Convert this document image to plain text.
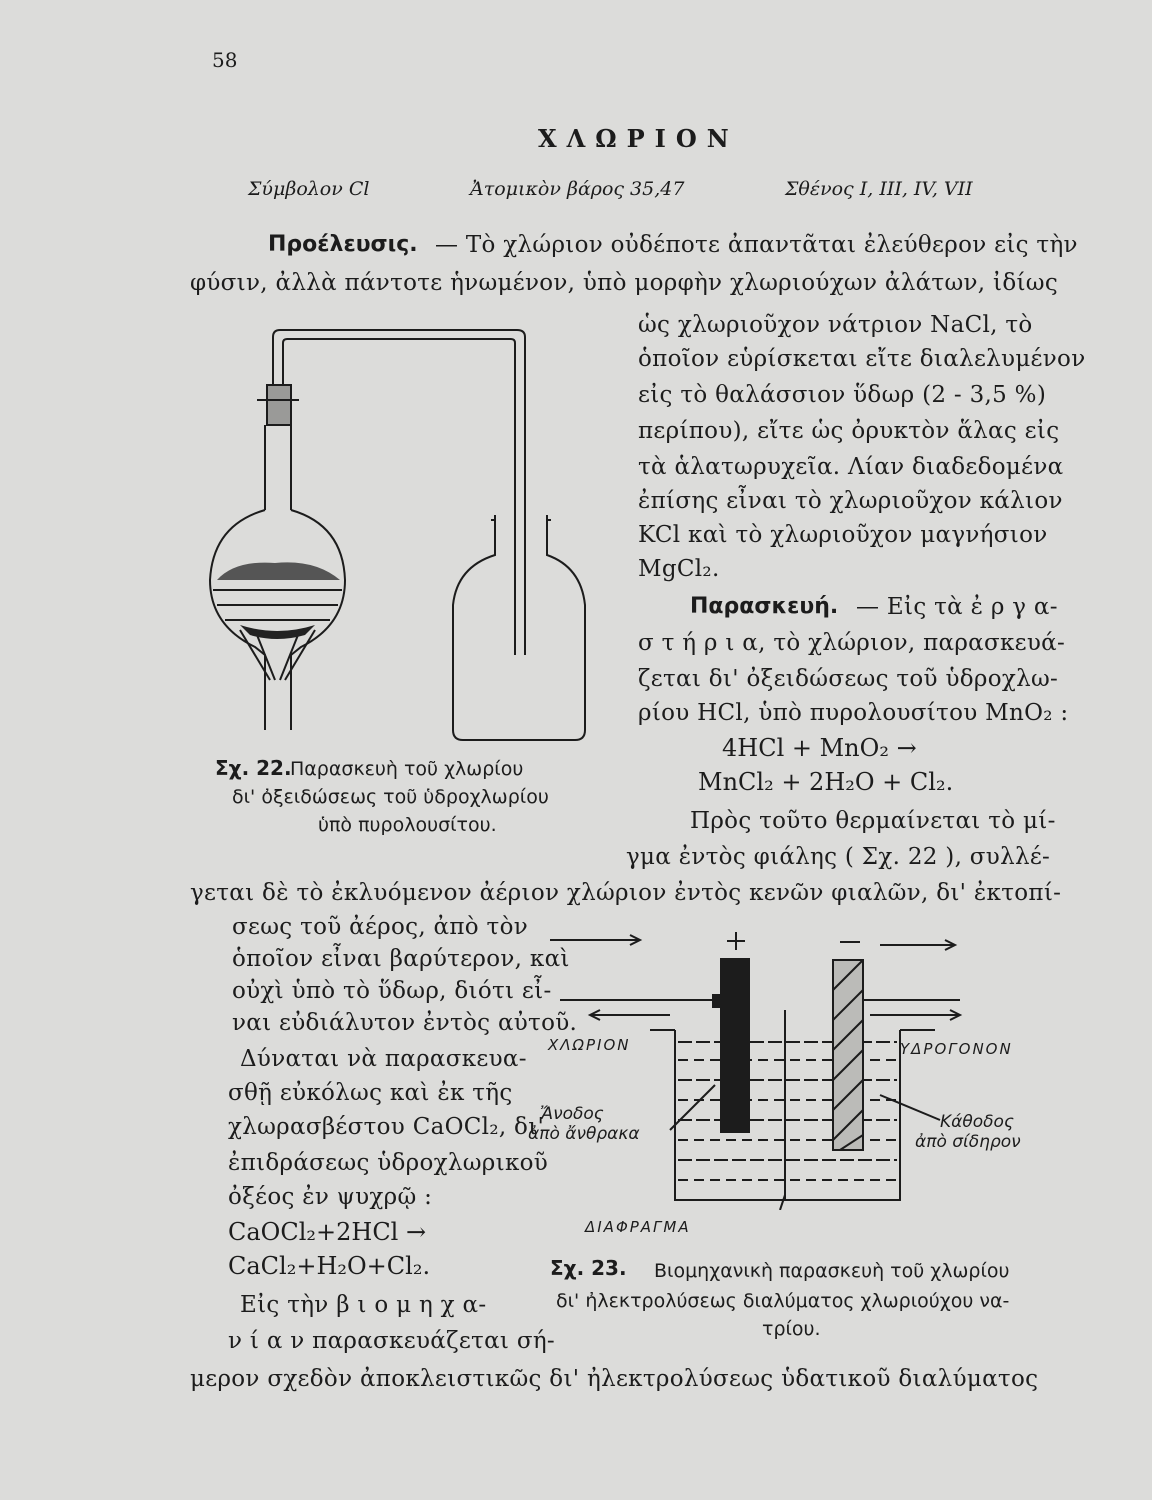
58
ΧΛΩΡΙΟΝ
Σύμβολον Cl	Ἀτομικὸν βάρος 35,47	Σθένος I, III, IV, VII
Προέλευσις. — Τὸ χλώριον οὐδέποτε ἀπαντᾶται ἐλεύθερον εἰς τὴν
φύσιν, ἀλλὰ πάντοτε ἡνωμένον, ὑπὸ μορφὴν χλωριούχων ἀλάτων, ἰδίως
ὡς χλωριοῦχον νάτριον NaCl, τὸ
ὁποῖον εὑρίσκεται εἴτε διαλελυμένον
εἰς τὸ θαλάσσιον ὕδωρ (2 - 3,5 %)
περίπου), εἴτε ὡς ὀρυκτὸν ἅλας εἰς
τὰ ἁλατωρυχεῖα. Λίαν διαδεδομένα
ἐπίσης εἶναι τὸ χλωριοῦχον κάλιον
KCl καὶ τὸ χλωριοῦχον μαγνήσιον
MgCl₂.
Παρασκευή. — Εἰς τὰ ἐ ρ γ α-
σ τ ή ρ ι α, τὸ χλώριον, παρασκευά-
ζεται δι' ὀξειδώσεως τοῦ ὑδροχλω-
ρίου HCl, ὑπὸ πυρολουσίτου MnO₂ :
4HCl + MnO₂ →
MnCl₂ + 2H₂O + Cl₂.
Πρὸς τοῦτο θερμαίνεται τὸ μί-
γμα ἐντὸς φιάλης ( Σχ. 22 ), συλλέ-
γεται δὲ τὸ ἐκλυόμενον ἀέριον χλώριον ἐντὸς κενῶν φιαλῶν, δι' ἐκτοπί-
σεως τοῦ ἀέρος, ἀπὸ τὸν
ὁποῖον εἶναι βαρύτερον, καὶ
οὐχὶ ὑπὸ τὸ ὕδωρ, διότι εἶ-
ναι εὐδιάλυτον ἐντὸς αὐτοῦ.
Δύναται νὰ παρασκευα-
σθῇ εὐκόλως καὶ ἐκ τῆς
χλωρασβέστου CaOCl₂, δι'
ἐπιδράσεως ὑδροχλωρικοῦ
ὀξέος ἐν ψυχρῷ :
CaOCl₂+2HCl →
CaCl₂+H₂O+Cl₂.
Εἰς τὴν β ι ο μ η χ α-
ν ί α ν παρασκευάζεται σή-
μερον σχεδὸν ἀποκλειστικῶς δι' ἠλεκτρολύσεως ὑδατικοῦ διαλύματος
Σχ. 22.
Παρασκευὴ τοῦ χλωρίου
δι' ὀξειδώσεως τοῦ ὑδροχλωρίου
ὑπὸ πυρολουσίτου.
ΧΛΩΡΙΟΝ	ΥΔΡΟΓΟΝΟΝ
Ἄνοδος
ἀπὸ ἄνθρακα
Κάθοδος
ἀπὸ σίδηρον
ΔΙΑΦΡΑΓΜΑ
Σχ. 23. Βιομηχανικὴ παρασκευὴ τοῦ χλωρίου
δι' ἠλεκτρολύσεως διαλύματος χλωριούχου να-
τρίου.
